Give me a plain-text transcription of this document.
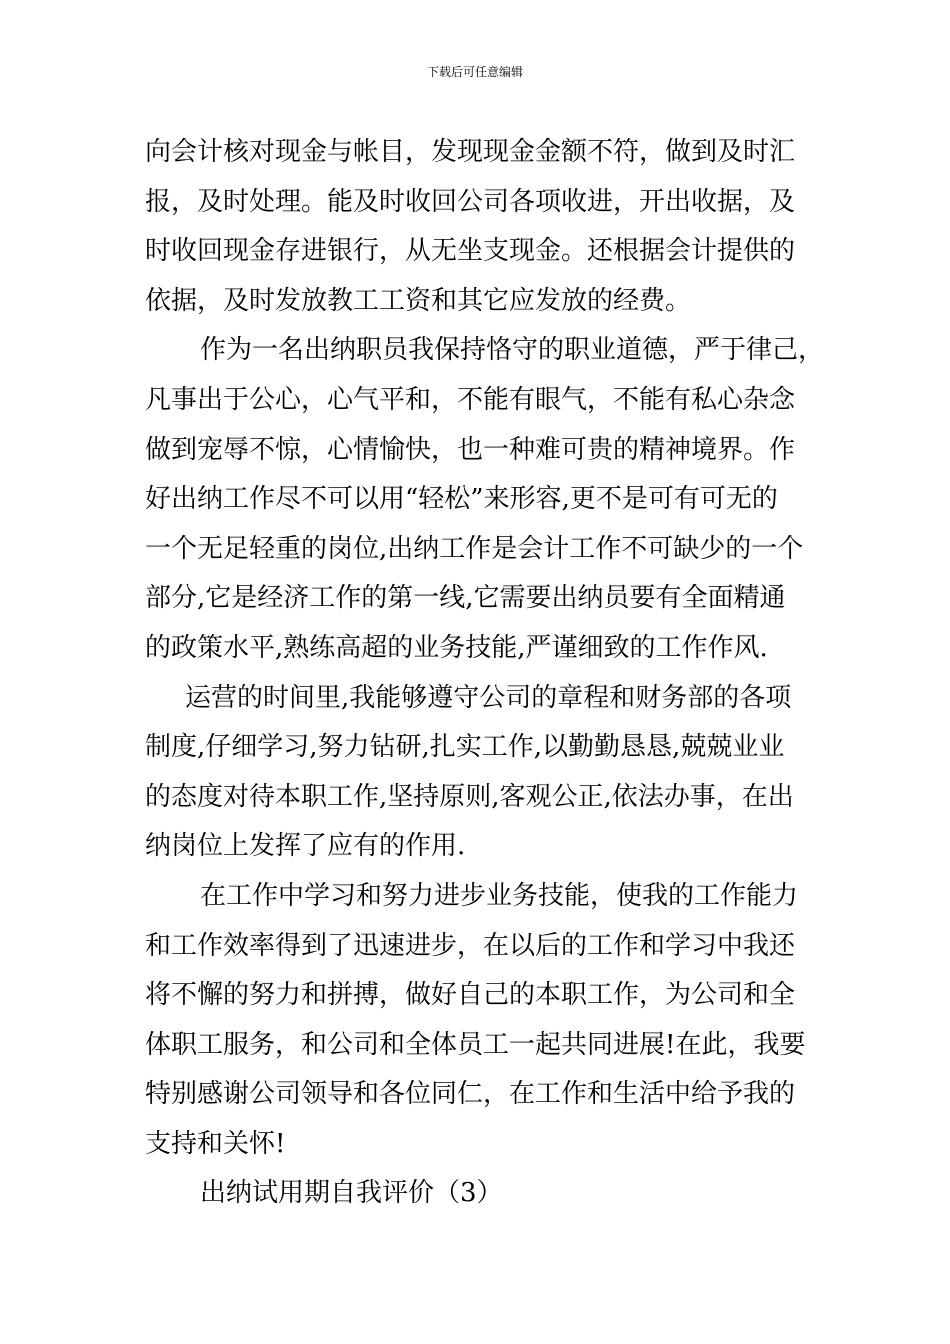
下载后可任意编辑
向会计核对现金与帐目，发现现金金额不符，做到及时汇
报，及时处理。能及时收回公司各项收进，开出收据，及
时收回现金存进银行，从无坐支现金。还根据会计提供的
依据，及时发放教工工资和其它应发放的经费。
作为一名出纳职员我保持恪守的职业道德，严于律己，
凡事出于公心，心气平和，不能有眼气，不能有私心杂念
做到宠辱不惊，心情愉快，也一种难可贵的精神境界。作
好出纳工作尽不可以用“轻松”来形容,更不是可有可无的
一个无足轻重的岗位,出纳工作是会计工作不可缺少的一个
部分,它是经济工作的第一线,它需要出纳员要有全面精通
的政策水平,熟练高超的业务技能,严谨细致的工作作风.
运营的时间里,我能够遵守公司的章程和财务部的各项
制度,仔细学习,努力钻研,扎实工作,以勤勤恳恳,兢兢业业
的态度对待本职工作,坚持原则,客观公正,依法办事，在出
纳岗位上发挥了应有的作用.
在工作中学习和努力进步业务技能，使我的工作能力
和工作效率得到了迅速进步，在以后的工作和学习中我还
将不懈的努力和拼搏，做好自己的本职工作，为公司和全
体职工服务，和公司和全体员工一起共同进展!在此，我要
特别感谢公司领导和各位同仁，在工作和生活中给予我的
支持和关怀!
出纳试用期自我评价（3）
